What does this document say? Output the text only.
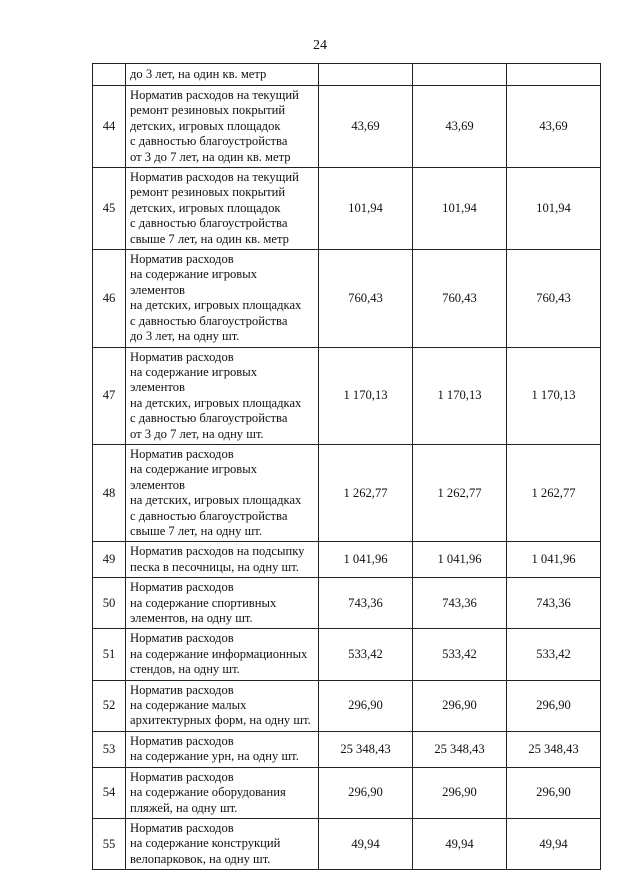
24
	до 3 лет, на один кв. метр			
44	Норматив расходов на текущий
ремонт резиновых покрытий
детских, игровых площадок
с давностью благоустройства
от 3 до 7 лет, на один кв. метр	43,69	43,69	43,69
45	Норматив расходов на текущий
ремонт резиновых покрытий
детских, игровых площадок
с давностью благоустройства
свыше 7 лет, на один кв. метр	101,94	101,94	101,94
46	Норматив расходов
на содержание игровых элементов
на детских, игровых площадках
с давностью благоустройства
до 3 лет, на одну шт.	760,43	760,43	760,43
47	Норматив расходов
на содержание игровых элементов
на детских, игровых площадках
с давностью благоустройства
от 3 до 7 лет, на одну шт.	1 170,13	1 170,13	1 170,13
48	Норматив расходов
на содержание игровых элементов
на детских, игровых площадках
с давностью благоустройства
свыше 7 лет, на одну шт.	1 262,77	1 262,77	1 262,77
49	Норматив расходов на подсыпку
песка в песочницы, на одну шт.	1 041,96	1 041,96	1 041,96
50	Норматив расходов
на содержание спортивных
элементов, на одну шт.	743,36	743,36	743,36
51	Норматив расходов
на содержание информационных
стендов, на одну шт.	533,42	533,42	533,42
52	Норматив расходов
на содержание малых
архитектурных форм, на одну шт.	296,90	296,90	296,90
53	Норматив расходов
на содержание урн, на одну шт.	25 348,43	25 348,43	25 348,43
54	Норматив расходов
на содержание оборудования
пляжей, на одну шт.	296,90	296,90	296,90
55	Норматив расходов
на содержание конструкций
велопарковок, на одну шт.	49,94	49,94	49,94
